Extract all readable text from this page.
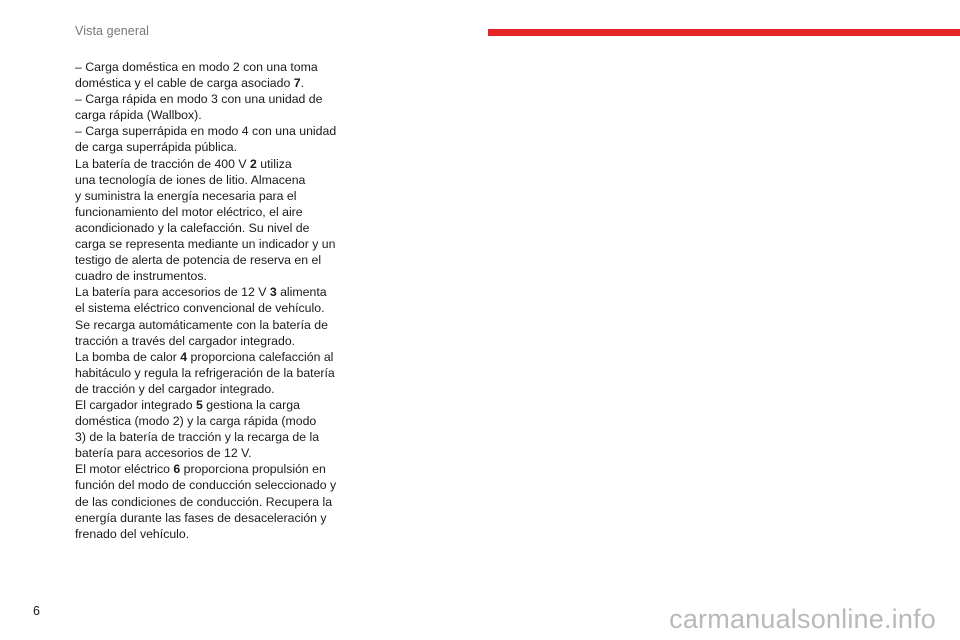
Vista general
– Carga doméstica en modo 2 con una toma
doméstica y el cable de carga asociado 7.
– Carga rápida en modo 3 con una unidad de
carga rápida (Wallbox).
– Carga superrápida en modo 4 con una unidad
de carga superrápida pública.
La batería de tracción de 400 V 2 utiliza
una tecnología de iones de litio. Almacena
y suministra la energía necesaria para el
funcionamiento del motor eléctrico, el aire
acondicionado y la calefacción. Su nivel de
carga se representa mediante un indicador y un
testigo de alerta de potencia de reserva en el
cuadro de instrumentos.
La batería para accesorios de 12 V 3 alimenta
el sistema eléctrico convencional de vehículo.
Se recarga automáticamente con la batería de
tracción a través del cargador integrado.
La bomba de calor 4 proporciona calefacción al
habitáculo y regula la refrigeración de la batería
de tracción y del cargador integrado.
El cargador integrado 5 gestiona la carga
doméstica (modo 2) y la carga rápida (modo
3) de la batería de tracción y la recarga de la
batería para accesorios de 12 V.
El motor eléctrico 6 proporciona propulsión en
función del modo de conducción seleccionado y
de las condiciones de conducción. Recupera la
energía durante las fases de desaceleración y
frenado del vehículo.
6	carmanualsonline.info
